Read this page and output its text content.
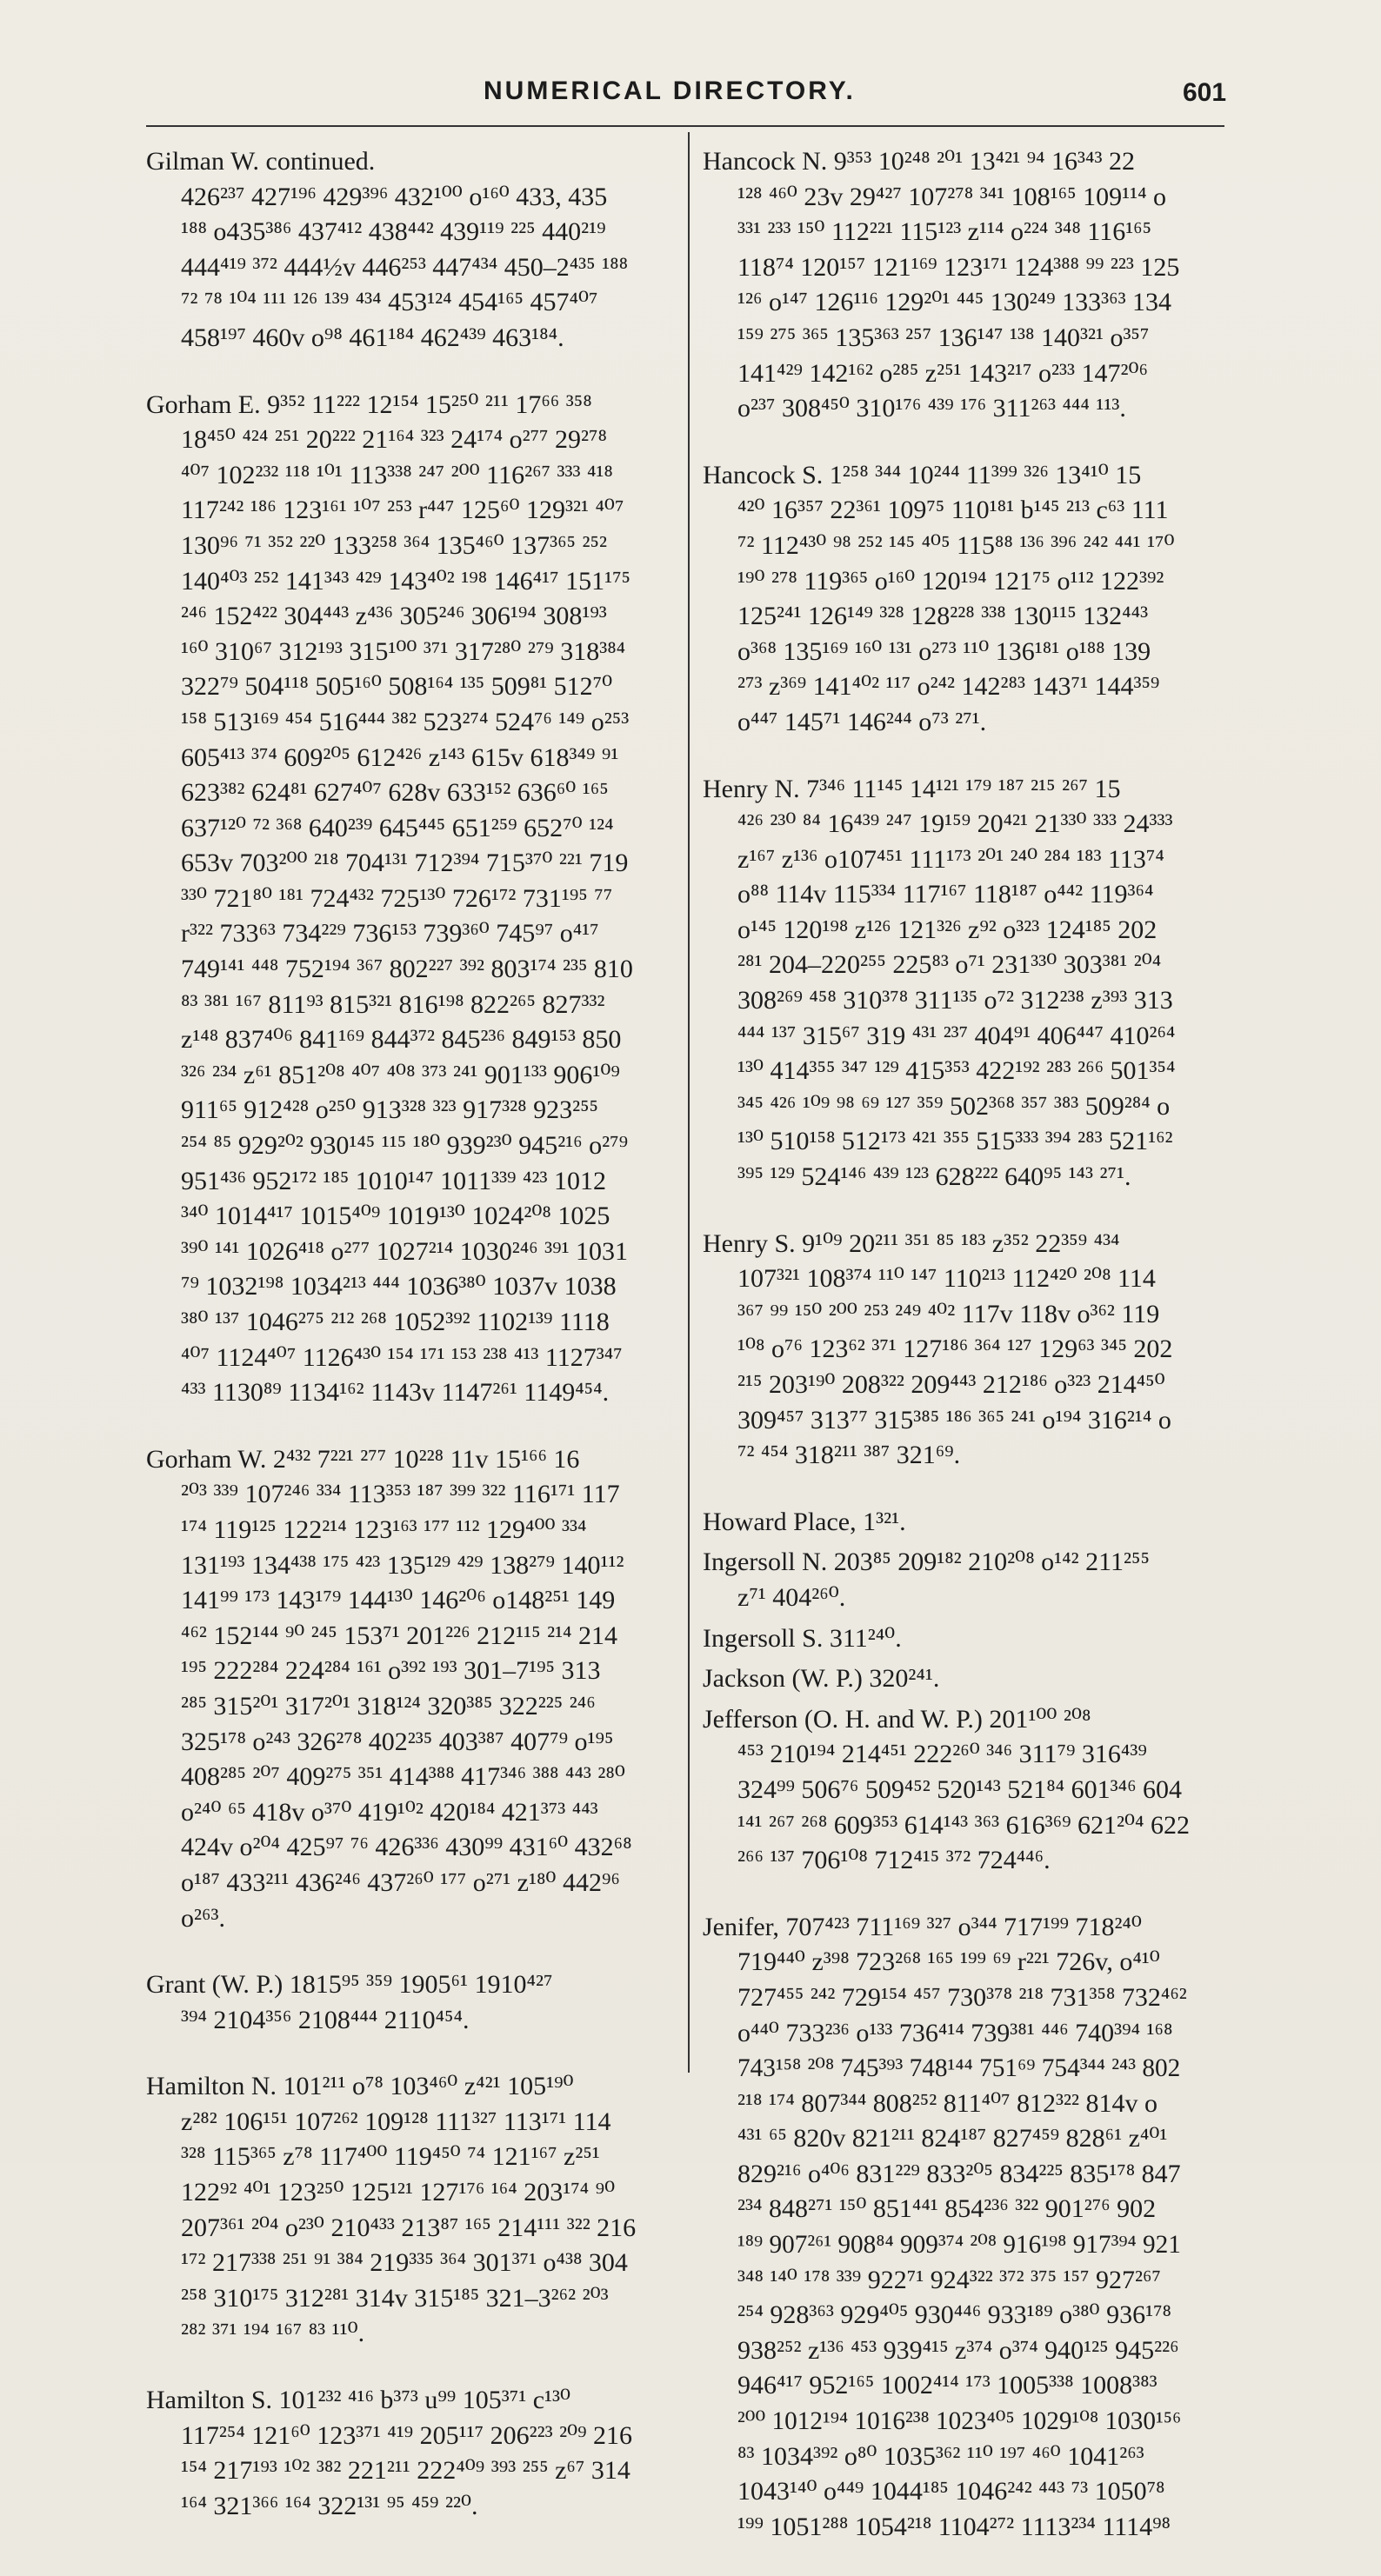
NUMERICAL DIRECTORY.	601
Gilman W. continued.
426²³⁷ 427¹⁹⁶ 429³⁹⁶ 432¹⁰⁰ o¹⁶⁰ 433, 435
¹⁸⁸ o435³⁸⁶ 437⁴¹² 438⁴⁴² 439¹¹⁹ ²²⁵ 440²¹⁹
444⁴¹⁹ ³⁷² 444½v 446²⁵³ 447⁴³⁴ 450–2⁴³⁵ ¹⁸⁸
⁷² ⁷⁸ ¹⁰⁴ ¹¹¹ ¹²⁶ ¹³⁹ ⁴³⁴ 453¹²⁴ 454¹⁶⁵ 457⁴⁰⁷
458¹⁹⁷ 460v o⁹⁸ 461¹⁸⁴ 462⁴³⁹ 463¹⁸⁴.
Gorham E. 9³⁵² 11²²² 12¹⁵⁴ 15²⁵⁰ ²¹¹ 17⁶⁶ ³⁵⁸
18⁴⁵⁰ ⁴²⁴ ²⁵¹ 20²²² 21¹⁶⁴ ³²³ 24¹⁷⁴ o²⁷⁷ 29²⁷⁸
⁴⁰⁷ 102²³² ¹¹⁸ ¹⁰¹ 113³³⁸ ²⁴⁷ ²⁰⁰ 116²⁶⁷ ³³³ ⁴¹⁸
117²⁴² ¹⁸⁶ 123¹⁶¹ ¹⁰⁷ ²⁵³ r⁴⁴⁷ 125⁶⁰ 129³²¹ ⁴⁰⁷
130⁹⁶ ⁷¹ ³⁵² ²²⁰ 133²⁵⁸ ³⁶⁴ 135⁴⁶⁰ 137³⁶⁵ ²⁵²
140⁴⁰³ ²⁵² 141³⁴³ ⁴²⁹ 143⁴⁰² ¹⁹⁸ 146⁴¹⁷ 151¹⁷⁵
²⁴⁶ 152⁴²² 304⁴⁴³ z⁴³⁶ 305²⁴⁶ 306¹⁹⁴ 308¹⁹³
¹⁶⁰ 310⁶⁷ 312¹⁹³ 315¹⁰⁰ ³⁷¹ 317²⁸⁰ ²⁷⁹ 318³⁸⁴
322⁷⁹ 504¹¹⁸ 505¹⁶⁰ 508¹⁶⁴ ¹³⁵ 509⁸¹ 512⁷⁰
¹⁵⁸ 513¹⁶⁹ ⁴⁵⁴ 516⁴⁴⁴ ³⁸² 523²⁷⁴ 524⁷⁶ ¹⁴⁹ o²⁵³
605⁴¹³ ³⁷⁴ 609²⁰⁵ 612⁴²⁶ z¹⁴³ 615v 618³⁴⁹ ⁹¹
623³⁸² 624⁸¹ 627⁴⁰⁷ 628v 633¹⁵² 636⁶⁰ ¹⁶⁵
637¹²⁰ ⁷² ³⁶⁸ 640²³⁹ 645⁴⁴⁵ 651²⁵⁹ 652⁷⁰ ¹²⁴
653v 703²⁰⁰ ²¹⁸ 704¹³¹ 712³⁹⁴ 715³⁷⁰ ²²¹ 719
³³⁰ 721⁸⁰ ¹⁸¹ 724⁴³² 725¹³⁰ 726¹⁷² 731¹⁹⁵ ⁷⁷
r³²² 733⁶³ 734²²⁹ 736¹⁵³ 739³⁶⁰ 745⁹⁷ o⁴¹⁷
749¹⁴¹ ⁴⁴⁸ 752¹⁹⁴ ³⁶⁷ 802²²⁷ ³⁹² 803¹⁷⁴ ²³⁵ 810
⁸³ ³⁸¹ ¹⁶⁷ 811⁹³ 815³²¹ 816¹⁹⁸ 822²⁶⁵ 827³³²
z¹⁴⁸ 837⁴⁰⁶ 841¹⁶⁹ 844³⁷² 845²³⁶ 849¹⁵³ 850
³²⁶ ²³⁴ z⁶¹ 851²⁰⁸ ⁴⁰⁷ ⁴⁰⁸ ³⁷³ ²⁴¹ 901¹³³ 906¹⁰⁹
911⁶⁵ 912⁴²⁸ o²⁵⁰ 913³²⁸ ³²³ 917³²⁸ 923²⁵⁵
²⁵⁴ ⁸⁵ 929²⁰² 930¹⁴⁵ ¹¹⁵ ¹⁸⁰ 939²³⁰ 945²¹⁶ o²⁷⁹
951⁴³⁶ 952¹⁷² ¹⁸⁵ 1010¹⁴⁷ 1011³³⁹ ⁴²³ 1012
³⁴⁰ 1014⁴¹⁷ 1015⁴⁰⁹ 1019¹³⁰ 1024²⁰⁸ 1025
³⁹⁰ ¹⁴¹ 1026⁴¹⁸ o²⁷⁷ 1027²¹⁴ 1030²⁴⁶ ³⁹¹ 1031
⁷⁹ 1032¹⁹⁸ 1034²¹³ ⁴⁴⁴ 1036³⁸⁰ 1037v 1038
³⁸⁰ ¹³⁷ 1046²⁷⁵ ²¹² ²⁶⁸ 1052³⁹² 1102¹³⁹ 1118
⁴⁰⁷ 1124⁴⁰⁷ 1126⁴³⁰ ¹⁵⁴ ¹⁷¹ ¹⁵³ ²³⁸ ⁴¹³ 1127³⁴⁷
⁴³³ 1130⁸⁹ 1134¹⁶² 1143v 1147²⁶¹ 1149⁴⁵⁴.
Gorham W. 2⁴³² 7²²¹ ²⁷⁷ 10²²⁸ 11v 15¹⁶⁶ 16
²⁰³ ³³⁹ 107²⁴⁶ ³³⁴ 113³⁵³ ¹⁸⁷ ³⁹⁹ ³²² 116¹⁷¹ 117
¹⁷⁴ 119¹²⁵ 122²¹⁴ 123¹⁶³ ¹⁷⁷ ¹¹² 129⁴⁰⁰ ³³⁴
131¹⁹³ 134⁴³⁸ ¹⁷⁵ ⁴²³ 135¹²⁹ ⁴²⁹ 138²⁷⁹ 140¹¹²
141⁹⁹ ¹⁷³ 143¹⁷⁹ 144¹³⁰ 146²⁰⁶ o148²⁵¹ 149
⁴⁶² 152¹⁴⁴ ⁹⁰ ²⁴⁵ 153⁷¹ 201²²⁶ 212¹¹⁵ ²¹⁴ 214
¹⁹⁵ 222²⁸⁴ 224²⁸⁴ ¹⁶¹ o³⁹² ¹⁹³ 301–7¹⁹⁵ 313
²⁸⁵ 315²⁰¹ 317²⁰¹ 318¹²⁴ 320³⁸⁵ 322²²⁵ ²⁴⁶
325¹⁷⁸ o²⁴³ 326²⁷⁸ 402²³⁵ 403³⁸⁷ 407⁷⁹ o¹⁹⁵
408²⁸⁵ ²⁰⁷ 409²⁷⁵ ³⁵¹ 414³⁸⁸ 417³⁴⁶ ³⁸⁸ ⁴⁴³ ²⁸⁰
o²⁴⁰ ⁶⁵ 418v o³⁷⁰ 419¹⁰² 420¹⁸⁴ 421³⁷³ ⁴⁴³
424v o²⁰⁴ 425⁹⁷ ⁷⁶ 426³³⁶ 430⁹⁹ 431⁶⁰ 432⁶⁸
o¹⁸⁷ 433²¹¹ 436²⁴⁶ 437²⁶⁰ ¹⁷⁷ o²⁷¹ z¹⁸⁰ 442⁹⁶
o²⁶³.
Grant (W. P.) 1815⁹⁵ ³⁵⁹ 1905⁶¹ 1910⁴²⁷
³⁹⁴ 2104³⁵⁶ 2108⁴⁴⁴ 2110⁴⁵⁴.
Hamilton N. 101²¹¹ o⁷⁸ 103⁴⁶⁰ z⁴²¹ 105¹⁹⁰
z²⁸² 106¹⁵¹ 107²⁶² 109¹²⁸ 111³²⁷ 113¹⁷¹ 114
³²⁸ 115³⁶⁵ z⁷⁸ 117⁴⁰⁰ 119⁴⁵⁰ ⁷⁴ 121¹⁶⁷ z²⁵¹
122⁹² ⁴⁰¹ 123²⁵⁰ 125¹²¹ 127¹⁷⁶ ¹⁶⁴ 203¹⁷⁴ ⁹⁰
207³⁶¹ ²⁰⁴ o²³⁰ 210⁴³³ 213⁸⁷ ¹⁶⁵ 214¹¹¹ ³²² 216
¹⁷² 217³³⁸ ²⁵¹ ⁹¹ ³⁸⁴ 219³³⁵ ³⁶⁴ 301³⁷¹ o⁴³⁸ 304
²⁵⁸ 310¹⁷⁵ 312²⁸¹ 314v 315¹⁸⁵ 321–3²⁶² ²⁰³
²⁸² ³⁷¹ ¹⁹⁴ ¹⁶⁷ ⁸³ ¹¹⁰.
Hamilton S. 101²³² ⁴¹⁶ b³⁷³ u⁹⁹ 105³⁷¹ c¹³⁰
117²⁵⁴ 121⁶⁰ 123³⁷¹ ⁴¹⁹ 205¹¹⁷ 206²²³ ²⁰⁹ 216
¹⁵⁴ 217¹⁹³ ¹⁰² ³⁸² 221²¹¹ 222⁴⁰⁹ ³⁹³ ²⁵⁵ z⁶⁷ 314
¹⁶⁴ 321³⁶⁶ ¹⁶⁴ 322¹³¹ ⁹⁵ ⁴⁵⁹ ²²⁰.
Hancock N. 9³⁵³ 10²⁴⁸ ²⁰¹ 13⁴²¹ ⁹⁴ 16³⁴³ 22
¹²⁸ ⁴⁶⁰ 23v 29⁴²⁷ 107²⁷⁸ ³⁴¹ 108¹⁶⁵ 109¹¹⁴ o
³³¹ ²³³ ¹⁵⁰ 112²²¹ 115¹²³ z¹¹⁴ o²²⁴ ³⁴⁸ 116¹⁶⁵
118⁷⁴ 120¹⁵⁷ 121¹⁶⁹ 123¹⁷¹ 124³⁸⁸ ⁹⁹ ²²³ 125
¹²⁶ o¹⁴⁷ 126¹¹⁶ 129²⁰¹ ⁴⁴⁵ 130²⁴⁹ 133³⁶³ 134
¹⁵⁹ ²⁷⁵ ³⁶⁵ 135³⁶³ ²⁵⁷ 136¹⁴⁷ ¹³⁸ 140³²¹ o³⁵⁷
141⁴²⁹ 142¹⁶² o²⁸⁵ z²⁵¹ 143²¹⁷ o²³³ 147²⁰⁶
o²³⁷ 308⁴⁵⁰ 310¹⁷⁶ ⁴³⁹ ¹⁷⁶ 311²⁶³ ⁴⁴⁴ ¹¹³.
Hancock S. 1²⁵⁸ ³⁴⁴ 10²⁴⁴ 11³⁹⁹ ³²⁶ 13⁴¹⁰ 15
⁴²⁰ 16³⁵⁷ 22³⁶¹ 109⁷⁵ 110¹⁸¹ b¹⁴⁵ ²¹³ c⁶³ 111
⁷² 112⁴³⁰ ⁹⁸ ²⁵² ¹⁴⁵ ⁴⁰⁵ 115⁸⁸ ¹³⁶ ³⁹⁶ ²⁴² ⁴⁴¹ ¹⁷⁰
¹⁹⁰ ²⁷⁸ 119³⁶⁵ o¹⁶⁰ 120¹⁹⁴ 121⁷⁵ o¹¹² 122³⁹²
125²⁴¹ 126¹⁴⁹ ³²⁸ 128²²⁸ ³³⁸ 130¹¹⁵ 132⁴⁴³
o³⁶⁸ 135¹⁶⁹ ¹⁶⁰ ¹³¹ o²⁷³ ¹¹⁰ 136¹⁸¹ o¹⁸⁸ 139
²⁷³ z³⁶⁹ 141⁴⁰² ¹¹⁷ o²⁴² 142²⁸³ 143⁷¹ 144³⁵⁹
o⁴⁴⁷ 145⁷¹ 146²⁴⁴ o⁷³ ²⁷¹.
Henry N. 7³⁴⁶ 11¹⁴⁵ 14¹²¹ ¹⁷⁹ ¹⁸⁷ ²¹⁵ ²⁶⁷ 15
⁴²⁶ ²³⁰ ⁸⁴ 16⁴³⁹ ²⁴⁷ 19¹⁵⁹ 20⁴²¹ 21³³⁰ ³³³ 24³³³
z¹⁶⁷ z¹³⁶ o107⁴⁵¹ 111¹⁷³ ²⁰¹ ²⁴⁰ ²⁸⁴ ¹⁸³ 113⁷⁴
o⁸⁸ 114v 115³³⁴ 117¹⁶⁷ 118¹⁸⁷ o⁴⁴² 119³⁶⁴
o¹⁴⁵ 120¹⁹⁸ z¹²⁶ 121³²⁶ z⁹² o³²³ 124¹⁸⁵ 202
²⁸¹ 204–220²⁵⁵ 225⁸³ o⁷¹ 231³³⁰ 303³⁸¹ ²⁰⁴
308²⁶⁹ ⁴⁵⁸ 310³⁷⁸ 311¹³⁵ o⁷² 312²³⁸ z³⁹³ 313
⁴⁴⁴ ¹³⁷ 315⁶⁷ 319 ⁴³¹ ²³⁷ 404⁹¹ 406⁴⁴⁷ 410²⁶⁴
¹³⁰ 414³⁵⁵ ³⁴⁷ ¹²⁹ 415³⁵³ 422¹⁹² ²⁸³ ²⁶⁶ 501³⁵⁴
³⁴⁵ ⁴²⁶ ¹⁰⁹ ⁹⁸ ⁶⁹ ¹²⁷ ³⁵⁹ 502³⁶⁸ ³⁵⁷ ³⁸³ 509²⁸⁴ o
¹³⁰ 510¹⁵⁸ 512¹⁷³ ⁴²¹ ³⁵⁵ 515³³³ ³⁹⁴ ²⁸³ 521¹⁶²
³⁹⁵ ¹²⁹ 524¹⁴⁶ ⁴³⁹ ¹²³ 628²²² 640⁹⁵ ¹⁴³ ²⁷¹.
Henry S. 9¹⁰⁹ 20²¹¹ ³⁵¹ ⁸⁵ ¹⁸³ z³⁵² 22³⁵⁹ ⁴³⁴
107³²¹ 108³⁷⁴ ¹¹⁰ ¹⁴⁷ 110²¹³ 112⁴²⁰ ²⁰⁸ 114
³⁶⁷ ⁹⁹ ¹⁵⁰ ²⁰⁰ ²⁵³ ²⁴⁹ ⁴⁰² 117v 118v o³⁶² 119
¹⁰⁸ o⁷⁶ 123⁶² ³⁷¹ 127¹⁸⁶ ³⁶⁴ ¹²⁷ 129⁶³ ³⁴⁵ 202
²¹⁵ 203¹⁹⁰ 208³²² 209⁴⁴³ 212¹⁸⁶ o³²³ 214⁴⁵⁰
309⁴⁵⁷ 313⁷⁷ 315³⁸⁵ ¹⁸⁶ ³⁶⁵ ²⁴¹ o¹⁹⁴ 316²¹⁴ o
⁷² ⁴⁵⁴ 318²¹¹ ³⁸⁷ 321⁶⁹.
Howard Place, 1³²¹.
Ingersoll N. 203⁸⁵ 209¹⁸² 210²⁰⁸ o¹⁴² 211²⁵⁵
z⁷¹ 404²⁶⁰.
Ingersoll S. 311²⁴⁰.
Jackson (W. P.) 320²⁴¹.
Jefferson (O. H. and W. P.) 201¹⁰⁰ ²⁰⁸
⁴⁵³ 210¹⁹⁴ 214⁴⁵¹ 222²⁶⁰ ³⁴⁶ 311⁷⁹ 316⁴³⁹
324⁹⁹ 506⁷⁶ 509⁴⁵² 520¹⁴³ 521⁸⁴ 601³⁴⁶ 604
¹⁴¹ ²⁶⁷ ²⁶⁸ 609³⁵³ 614¹⁴³ ³⁶³ 616³⁶⁹ 621²⁰⁴ 622
²⁶⁶ ¹³⁷ 706¹⁰⁸ 712⁴¹⁵ ³⁷² 724⁴⁴⁶.
Jenifer, 707⁴²³ 711¹⁶⁹ ³²⁷ o³⁴⁴ 717¹⁹⁹ 718²⁴⁰
719⁴⁴⁰ z³⁹⁸ 723²⁶⁸ ¹⁶⁵ ¹⁹⁹ ⁶⁹ r²²¹ 726v, o⁴¹⁰
727⁴⁵⁵ ²⁴² 729¹⁵⁴ ⁴⁵⁷ 730³⁷⁸ ²¹⁸ 731³⁵⁸ 732⁴⁶²
o⁴⁴⁰ 733²³⁶ o¹³³ 736⁴¹⁴ 739³⁸¹ ⁴⁴⁶ 740³⁹⁴ ¹⁶⁸
743¹⁵⁸ ²⁰⁸ 745³⁹³ 748¹⁴⁴ 751⁶⁹ 754³⁴⁴ ²⁴³ 802
²¹⁸ ¹⁷⁴ 807³⁴⁴ 808²⁵² 811⁴⁰⁷ 812³²² 814v o
⁴³¹ ⁶⁵ 820v 821²¹¹ 824¹⁸⁷ 827⁴⁵⁹ 828⁶¹ z⁴⁰¹
829²¹⁶ o⁴⁰⁶ 831²²⁹ 833²⁰⁵ 834²²⁵ 835¹⁷⁸ 847
²³⁴ 848²⁷¹ ¹⁵⁰ 851⁴⁴¹ 854²³⁶ ³²² 901²⁷⁶ 902
¹⁸⁹ 907²⁶¹ 908⁸⁴ 909³⁷⁴ ²⁰⁸ 916¹⁹⁸ 917³⁹⁴ 921
³⁴⁸ ¹⁴⁰ ¹⁷⁸ ³³⁹ 922⁷¹ 924³²² ³⁷² ³⁷⁵ ¹⁵⁷ 927²⁶⁷
²⁵⁴ 928³⁶³ 929⁴⁰⁵ 930⁴⁴⁶ 933¹⁸⁹ o³⁸⁰ 936¹⁷⁸
938²⁵² z¹³⁶ ⁴⁵³ 939⁴¹⁵ z³⁷⁴ o³⁷⁴ 940¹²⁵ 945²²⁶
946⁴¹⁷ 952¹⁶⁵ 1002⁴¹⁴ ¹⁷³ 1005³³⁸ 1008³⁸³
²⁰⁰ 1012¹⁹⁴ 1016²³⁸ 1023⁴⁰⁵ 1029¹⁰⁸ 1030¹⁵⁶
⁸³ 1034³⁹² o⁸⁰ 1035³⁶² ¹¹⁰ ¹⁹⁷ ⁴⁶⁰ 1041²⁶³
1043¹⁴⁰ o⁴⁴⁹ 1044¹⁸⁵ 1046²⁴² ⁴⁴³ ⁷³ 1050⁷⁸
¹⁹⁹ 1051²⁸⁸ 1054²¹⁸ 1104²⁷² 1113²³⁴ 1114⁹⁸
